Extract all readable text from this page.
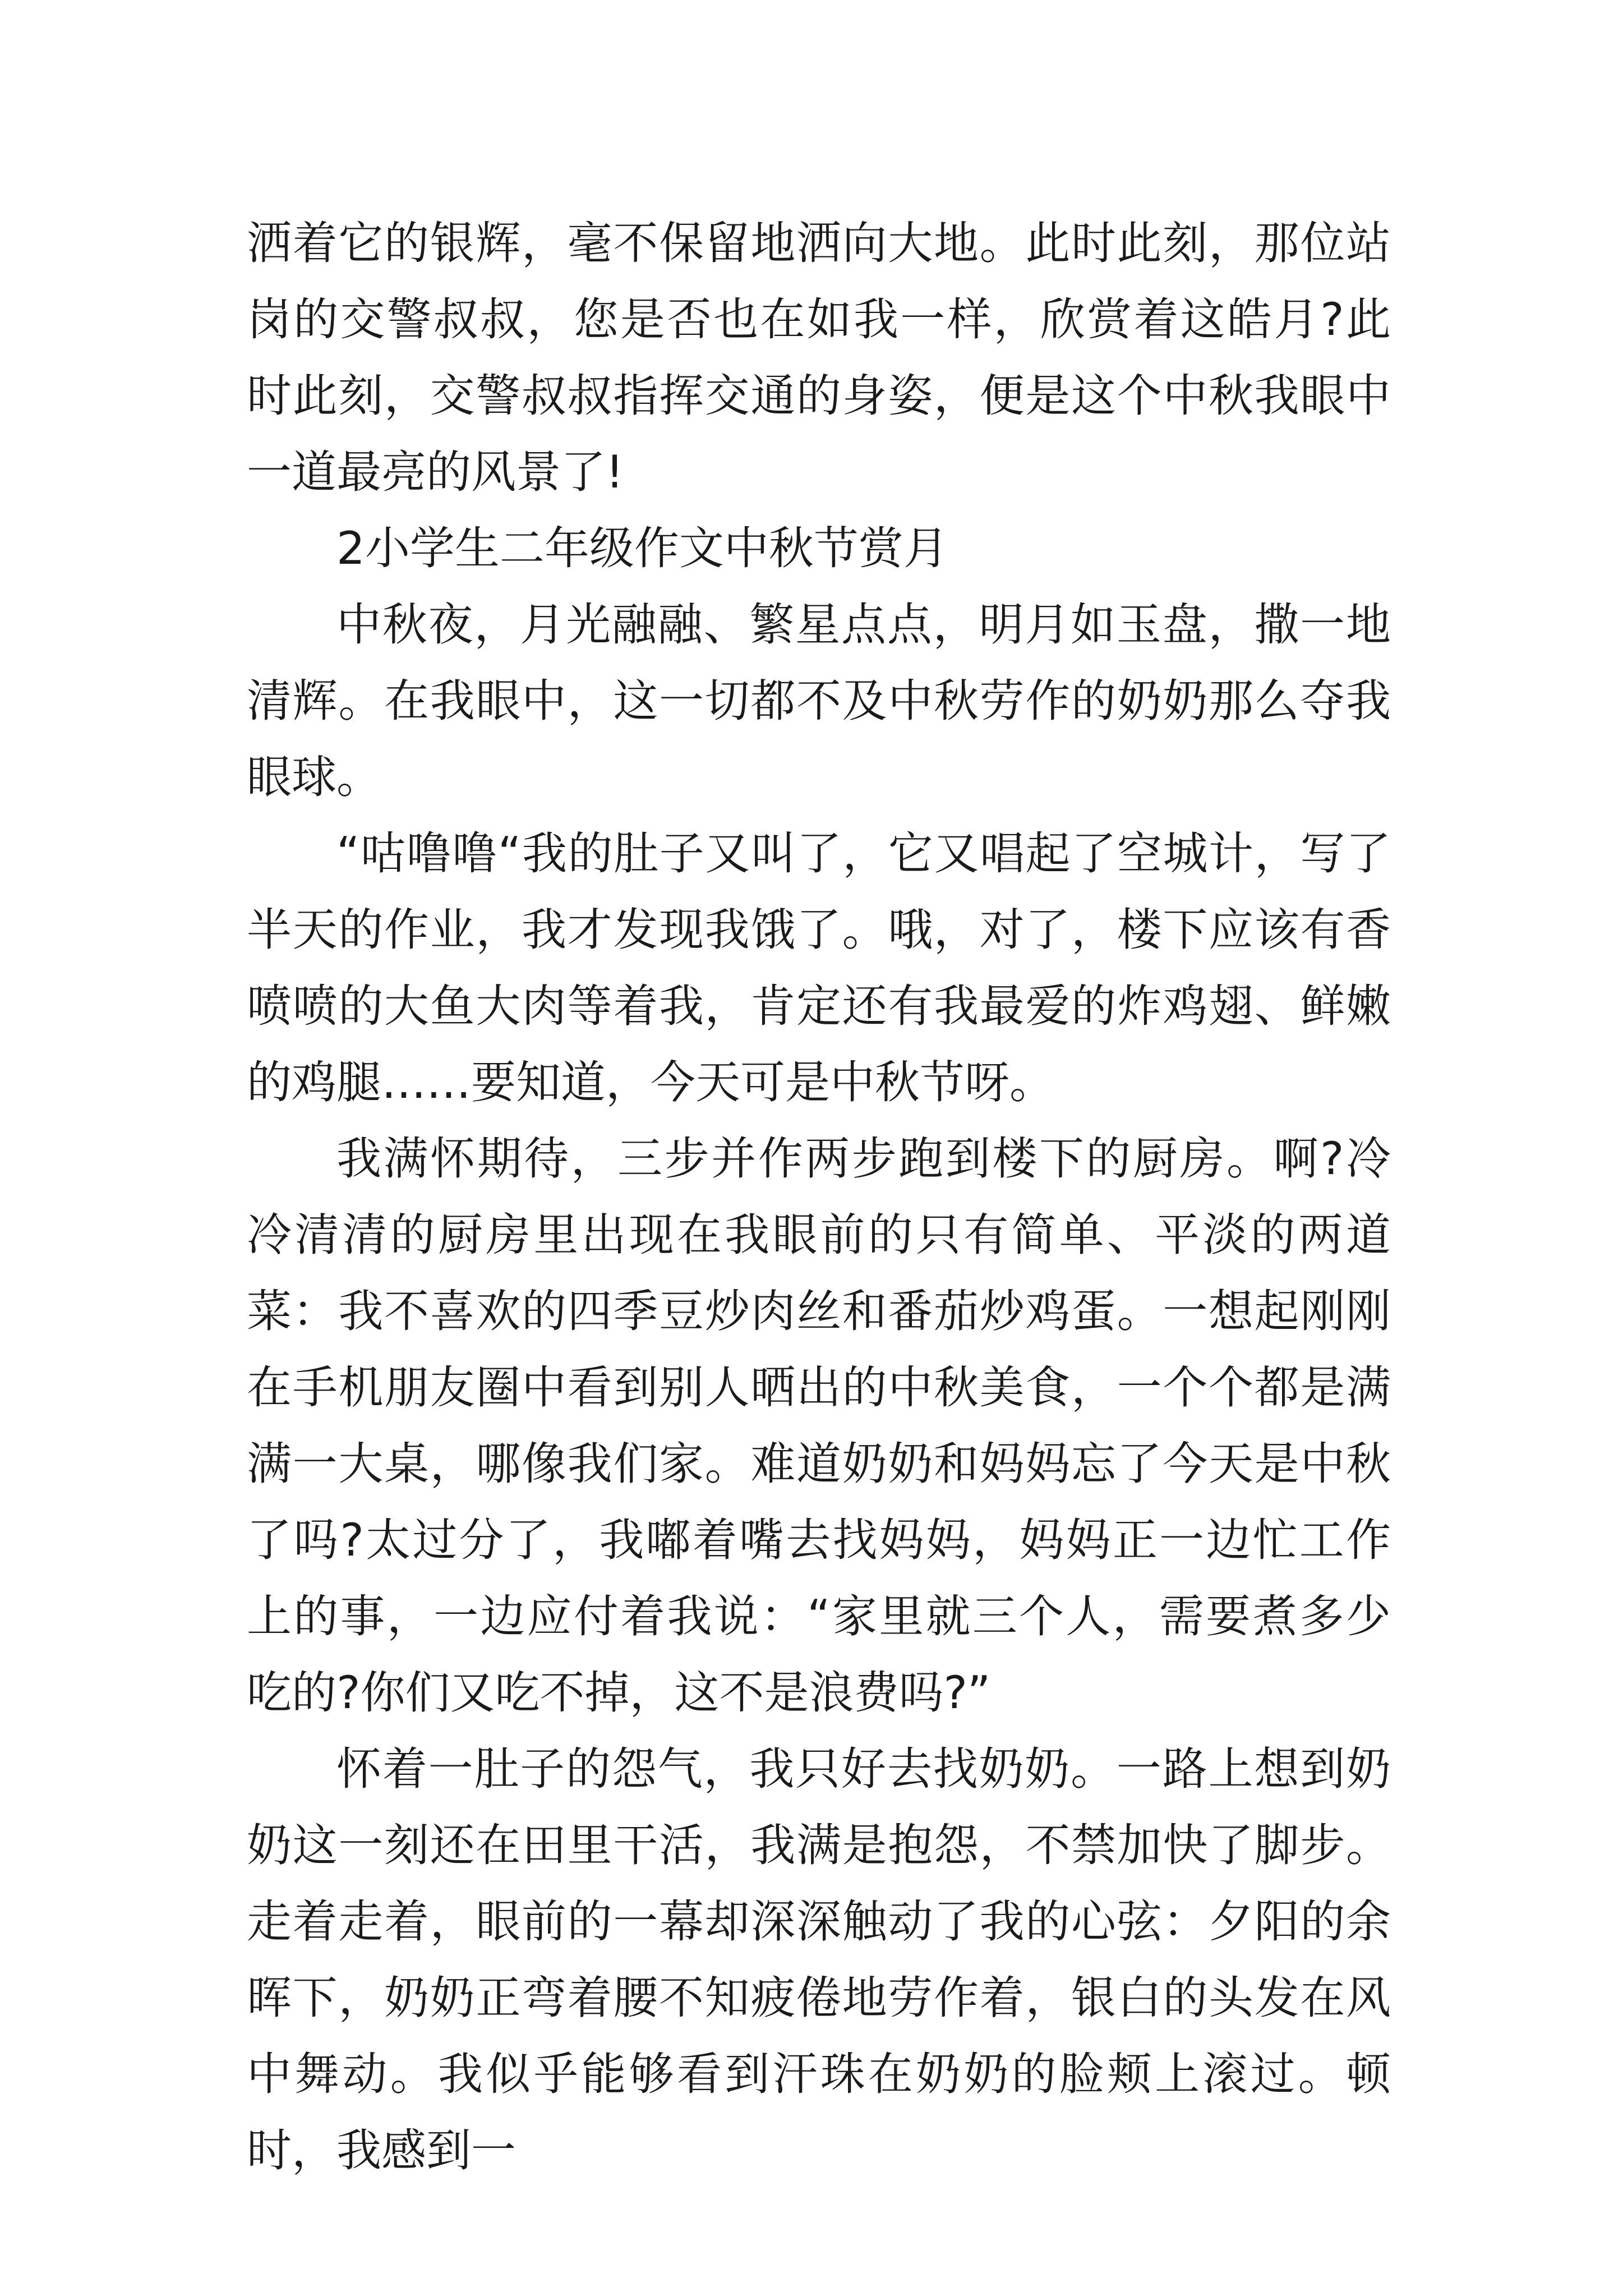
洒着它的银辉，毫不保留地洒向大地。此时此刻，那位站岗的交警叔叔，您是否也在如我一样，欣赏着这皓月?此时此刻，交警叔叔指挥交通的身姿，便是这个中秋我眼中一道最亮的风景了!

2小学生二年级作文中秋节赏月

中秋夜，月光融融、繁星点点，明月如玉盘，撒一地清辉。在我眼中，这一切都不及中秋劳作的奶奶那么夺我眼球。

“咕噜噜“我的肚子又叫了，它又唱起了空城计，写了半天的作业，我才发现我饿了。哦，对了，楼下应该有香喷喷的大鱼大肉等着我，肯定还有我最爱的炸鸡翅、鲜嫩的鸡腿……要知道，今天可是中秋节呀。

我满怀期待，三步并作两步跑到楼下的厨房。啊?冷冷清清的厨房里出现在我眼前的只有简单、平淡的两道菜：我不喜欢的四季豆炒肉丝和番茄炒鸡蛋。一想起刚刚在手机朋友圈中看到别人晒出的中秋美食，一个个都是满满一大桌，哪像我们家。难道奶奶和妈妈忘了今天是中秋了吗?太过分了，我嘟着嘴去找妈妈，妈妈正一边忙工作上的事，一边应付着我说：“家里就三个人，需要煮多少吃的?你们又吃不掉，这不是浪费吗?”

怀着一肚子的怨气，我只好去找奶奶。一路上想到奶奶这一刻还在田里干活，我满是抱怨，不禁加快了脚步。走着走着，眼前的一幕却深深触动了我的心弦：夕阳的余晖下，奶奶正弯着腰不知疲倦地劳作着，银白的头发在风中舞动。我似乎能够看到汗珠在奶奶的脸颊上滚过。顿时，我感到一
